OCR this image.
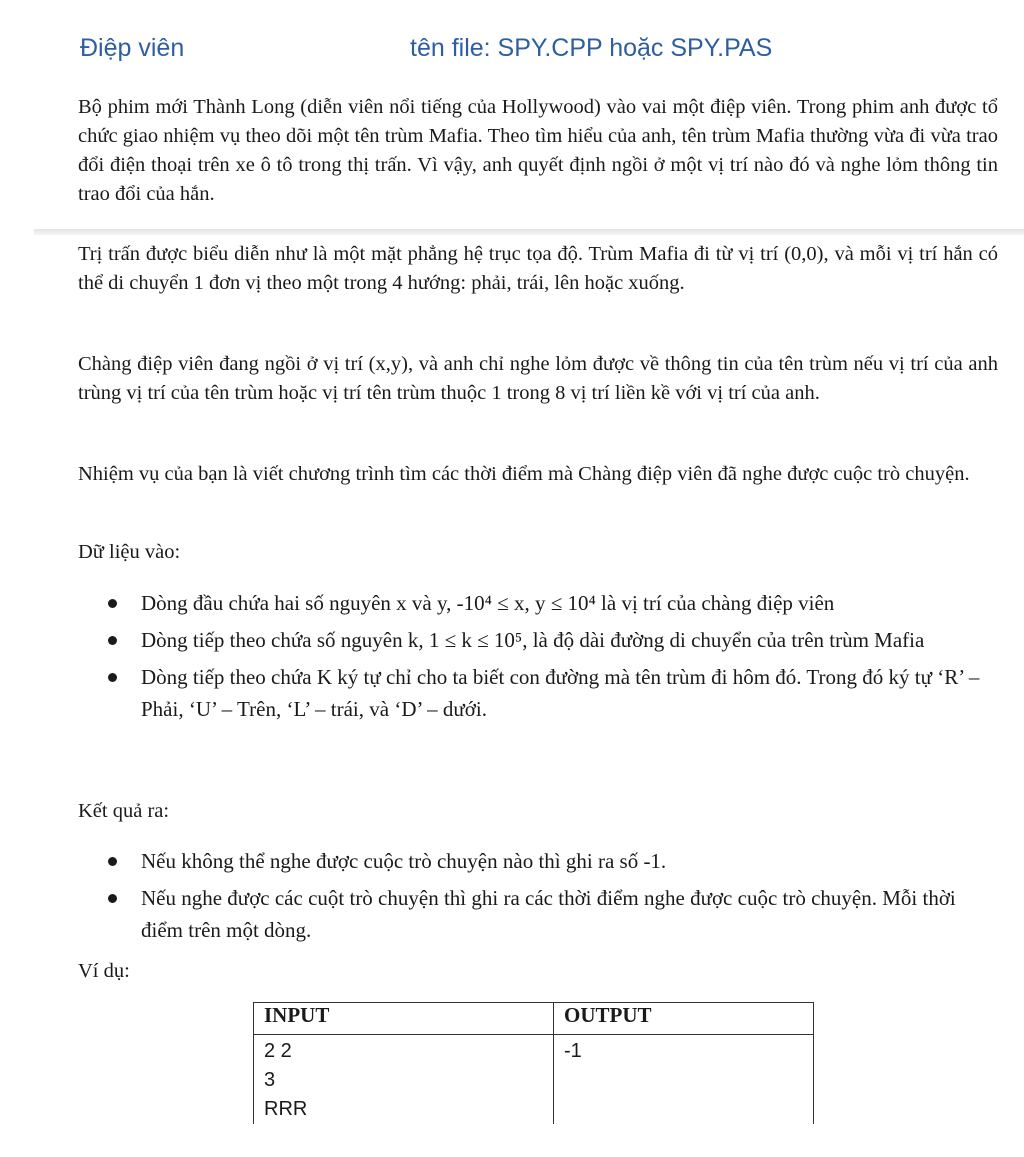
Điệp viên	tên file: SPY.CPP hoặc SPY.PAS
Bộ phim mới Thành Long (diễn viên nổi tiếng của Hollywood) vào vai một điệp viên. Trong phim anh được tổ chức giao nhiệm vụ theo dõi một tên trùm Mafia. Theo tìm hiểu của anh, tên trùm Mafia thường vừa đi vừa trao đổi điện thoại trên xe ô tô trong thị trấn. Vì vậy, anh quyết định ngồi ở một vị trí nào đó và nghe lỏm thông tin trao đổi của hắn.
Trị trấn được biểu diễn như là một mặt phẳng hệ trục tọa độ. Trùm Mafia đi từ vị trí (0,0), và mỗi vị trí hắn có thể di chuyển 1 đơn vị theo một trong 4 hướng: phải, trái, lên hoặc xuống.
Chàng điệp viên đang ngồi ở vị trí (x,y), và anh chỉ nghe lỏm được về thông tin của tên trùm nếu vị trí của anh trùng vị trí của tên trùm hoặc vị trí tên trùm thuộc 1 trong 8 vị trí liền kề với vị trí của anh.
Nhiệm vụ của bạn là viết chương trình tìm các thời điểm mà Chàng điệp viên đã nghe được cuộc trò chuyện.
Dữ liệu vào:
Dòng đầu chứa hai số nguyên x và y, -10⁴ ≤ x, y ≤ 10⁴ là vị trí của chàng điệp viên
Dòng tiếp theo chứa số nguyên k, 1 ≤ k ≤ 10⁵, là độ dài đường di chuyển của trên trùm Mafia
Dòng tiếp theo chứa K ký tự chỉ cho ta biết con đường mà tên trùm đi hôm đó. Trong đó ký tự ‘R’ – Phải, ‘U’ – Trên, ‘L’ – trái, và ‘D’ – dưới.
Kết quả ra:
Nếu không thể nghe được cuộc trò chuyện nào thì ghi ra số -1.
Nếu nghe được các cuột trò chuyện thì ghi ra các thời điểm nghe được cuộc trò chuyện. Mỗi thời điểm trên một dòng.
Ví dụ:
INPUT	OUTPUT

2 2
3
RRR	-1
